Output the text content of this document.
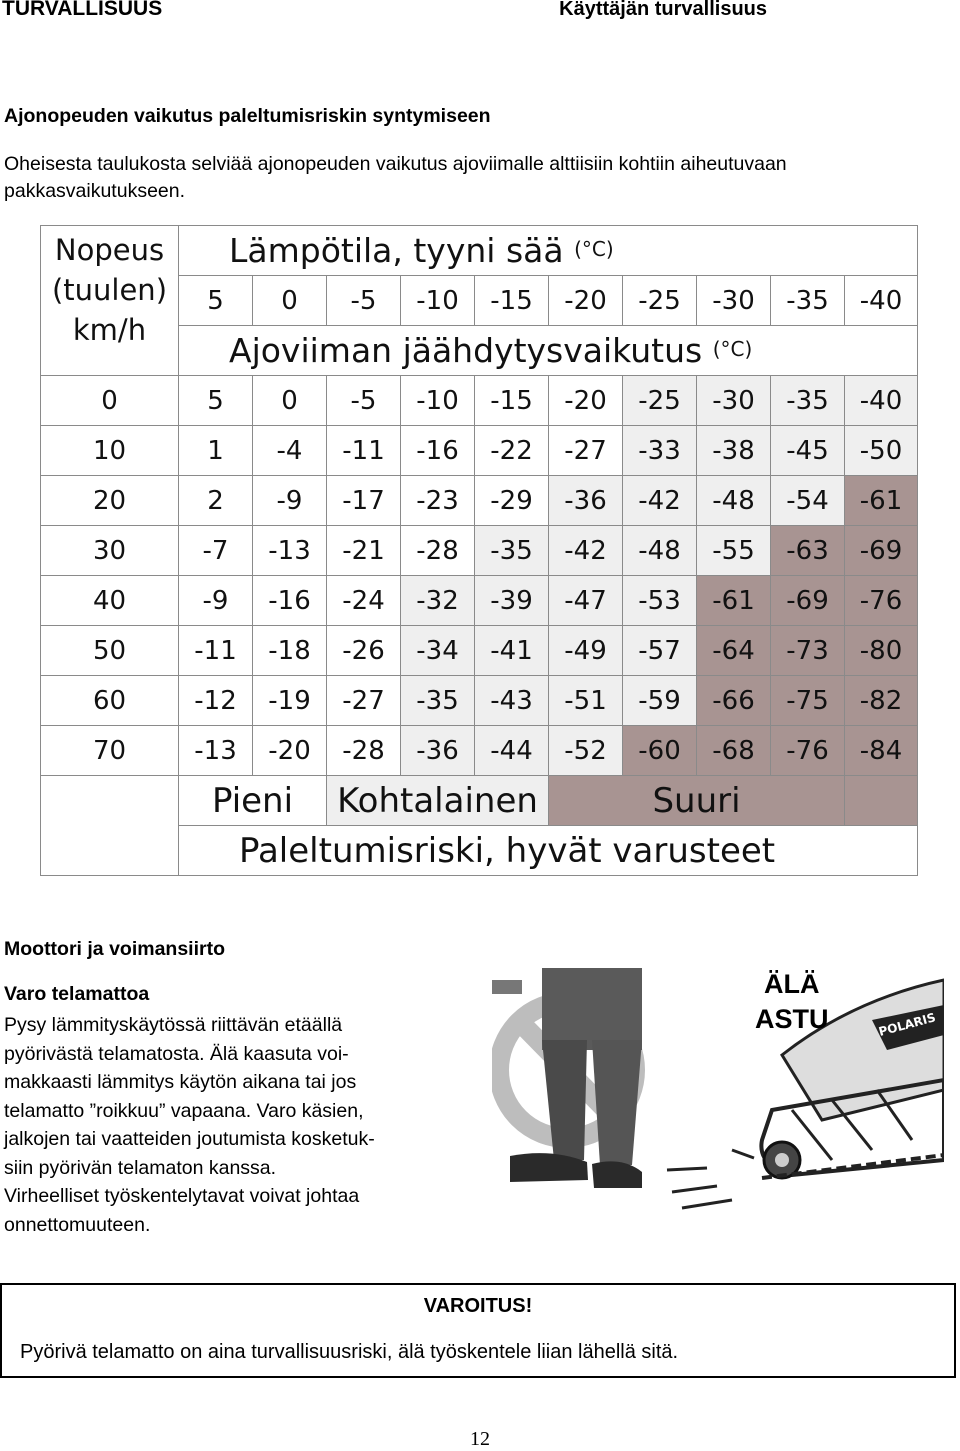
TURVALLISUUS	Käyttäjän turvallisuus
Ajonopeuden vaikutus paleltumisriskin syntymiseen
Oheisesta taulukosta selviää ajonopeuden vaikutus ajoviimalle alttiisiin kohtiin aiheutuvaan pakkasvaikutukseen.
Nopeus
(tuulen)
km/h	Lämpötila, tyyni sää (°C)									
	5	0	-5	-10	-15	-20	-25	-30	-35	-40
	Ajoviiman jäähdytysvaikutus (°C)									
0	5	0	-5	-10	-15	-20	-25	-30	-35	-40
10	1	-4	-11	-16	-22	-27	-33	-38	-45	-50
20	2	-9	-17	-23	-29	-36	-42	-48	-54	-61
30	-7	-13	-21	-28	-35	-42	-48	-55	-63	-69
40	-9	-16	-24	-32	-39	-47	-53	-61	-69	-76
50	-11	-18	-26	-34	-41	-49	-57	-64	-73	-80
60	-12	-19	-27	-35	-43	-51	-59	-66	-75	-82
70	-13	-20	-28	-36	-44	-52	-60	-68	-76	-84
	Pieni		Kohtalainen			Suuri				
	Paleltumisriski, hyvät varusteet									
Moottori ja voimansiirto
Varo telamattoa
Pysy lämmityskäytössä riittävän etäällä
pyörivästä telamatosta. Älä kaasuta voi-
makkaasti lämmitys käytön aikana tai jos
telamatto ”roikkuu” vapaana. Varo käsien,
jalkojen tai vaatteiden joutumista kosketuk-
siin pyörivän telamaton kanssa.
Virheelliset työskentelytavat voivat johtaa
onnettomuuteen.
POLARIS
ÄLÄ
ASTU
VAROITUS!
Pyörivä telamatto on aina turvallisuusriski, älä työskentele liian lähellä sitä.
12
